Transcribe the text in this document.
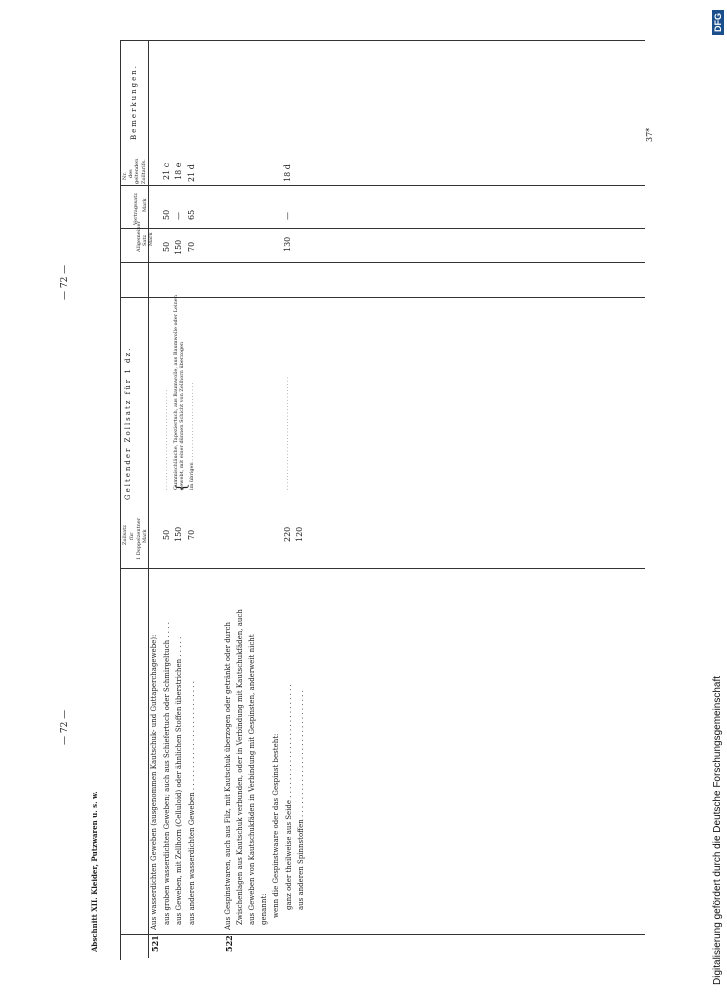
— 72 —
— 72 —
37*
Abschnitt XII. Kleider, Putzwaren u. s. w.
Zollsatz für 1 Doppelzentner Mark
521
Aus wasserdichten Geweben (ausgenommen Kautschuk- und Guttaperchagewebe): aus groben wasserdichten Geweben; auch aus Schiefertuch oder Schmirgeltuch . . . . aus Geweben, mit Zellhorn (Celluloid) oder ähnlichen Stoffen überstrichen . . . . . aus anderen wasserdichten Geweben . . . . . . . . . . . . . . . . . . . . . . . . .
50 150 70
522
Aus Gespinstwaren, auch aus Filz, mit Kautschuk überzogen oder getränkt oder durch Zwischenlagen aus Kautschuk verbunden, oder in Verbindung mit Kautschukfäden, auch aus Geweben von Kautschukfäden in Verbindung mit Gespinsten, anderweit nicht genannt: wenn die Gespinstwaare oder das Gespinst besteht: ganz oder theilweise aus Seide . . . . . . . . . . . . . . . . . . . . . . . . . . aus anderen Spinnstoffen . . . . . . . . . . . . . . . . . . . . . . . . . . . . .
220 120
Geltender Zollsatz für 1 dz.
Allgemeiner Satz Mark
Vertragssatz Mark
Nr. des geltenden Zolltarifs.
Bemerkungen.
. . . . . . . . . . . . . . . . . . . . . . . . . . . . . . . .
50
50
21 c
Gummischläuche, Tapeziertuch, aus Baumwolle, aus Baumwolle oder Leinen gewebt, mit einer dünnen Schicht von Zellhorn überzogen
150
—
18 e
im übrigen . . . . . . . . . . . . . . . . . . . . . . . . .
70
65
21 d
. . . . . . . . . . . . . . . . . . . . . . . . . . . . . . . . . . . .
130
—
18 d
{
Digitalisierung gefördert durch die Deutsche Forschungsgemeinschaft
DFG
